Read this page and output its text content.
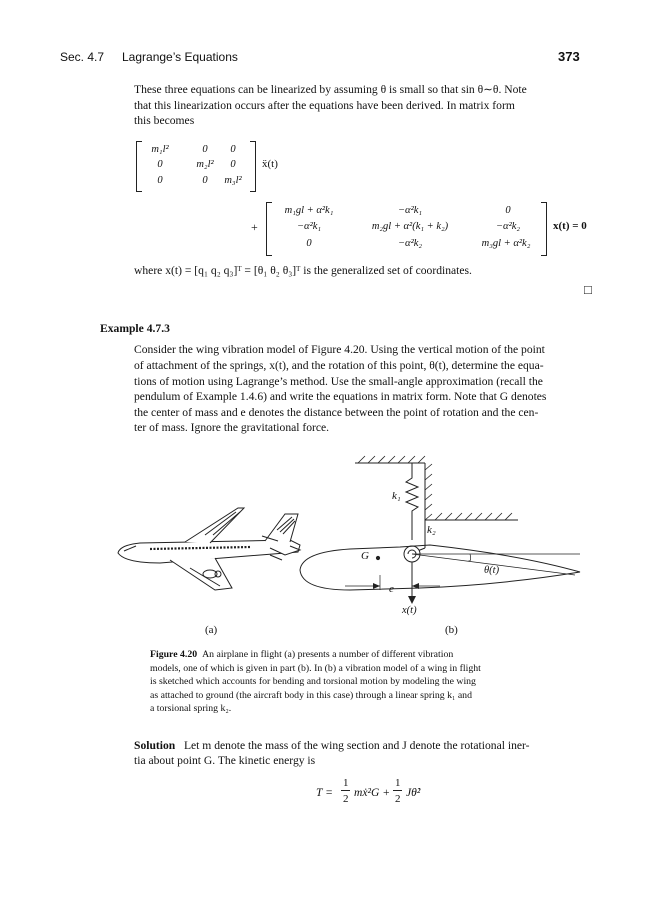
Sec. 4.7 Lagrange’s Equations	373
These three equations can be linearized by assuming θ is small so that sin θ∼θ. Note
that this linearization occurs after the equations have been derived. In matrix form
this becomes
m₁l²	0	0
0	m₂l²	0
0	0	m₃l²
ẍ(t)
+
m₁gl + α²k₁	−α²k₁	0
−α²k₁	m₂gl + α²(k₁ + k₂)	−α²k₂
0	−α²k₂	m₃gl + α²k₂
x(t) = 0
where x(t) = [q₁ q₂ q₃]ᵀ = [θ₁ θ₂ θ₃]ᵀ is the generalized set of coordinates.
□
Example 4.7.3
Consider the wing vibration model of Figure 4.20. Using the vertical motion of the point
of attachment of the springs, x(t), and the rotation of this point, θ(t), determine the equa-
tions of motion using Lagrange’s method. Use the small-angle approximation (recall the
pendulum of Example 1.4.6) and write the equations in matrix form. Note that G denotes
the center of mass and e denotes the distance between the point of rotation and the cen-
ter of mass. Ignore the gravitational force.
(a)	(b)
k₁
k₂
G
e
θ(t)
x(t)
Figure 4.20 An airplane in flight (a) presents a number of different vibration
models, one of which is given in part (b). In (b) a vibration model of a wing in flight
is sketched which accounts for bending and torsional motion by modeling the wing
as attached to ground (the aircraft body in this case) through a linear spring k₁ and
a torsional spring k₂.
Solution Let m denote the mass of the wing section and J denote the rotational iner-
tia about point G. The kinetic energy is
T =
1
2 mẋ²G +
1
2 Jθ̇²
